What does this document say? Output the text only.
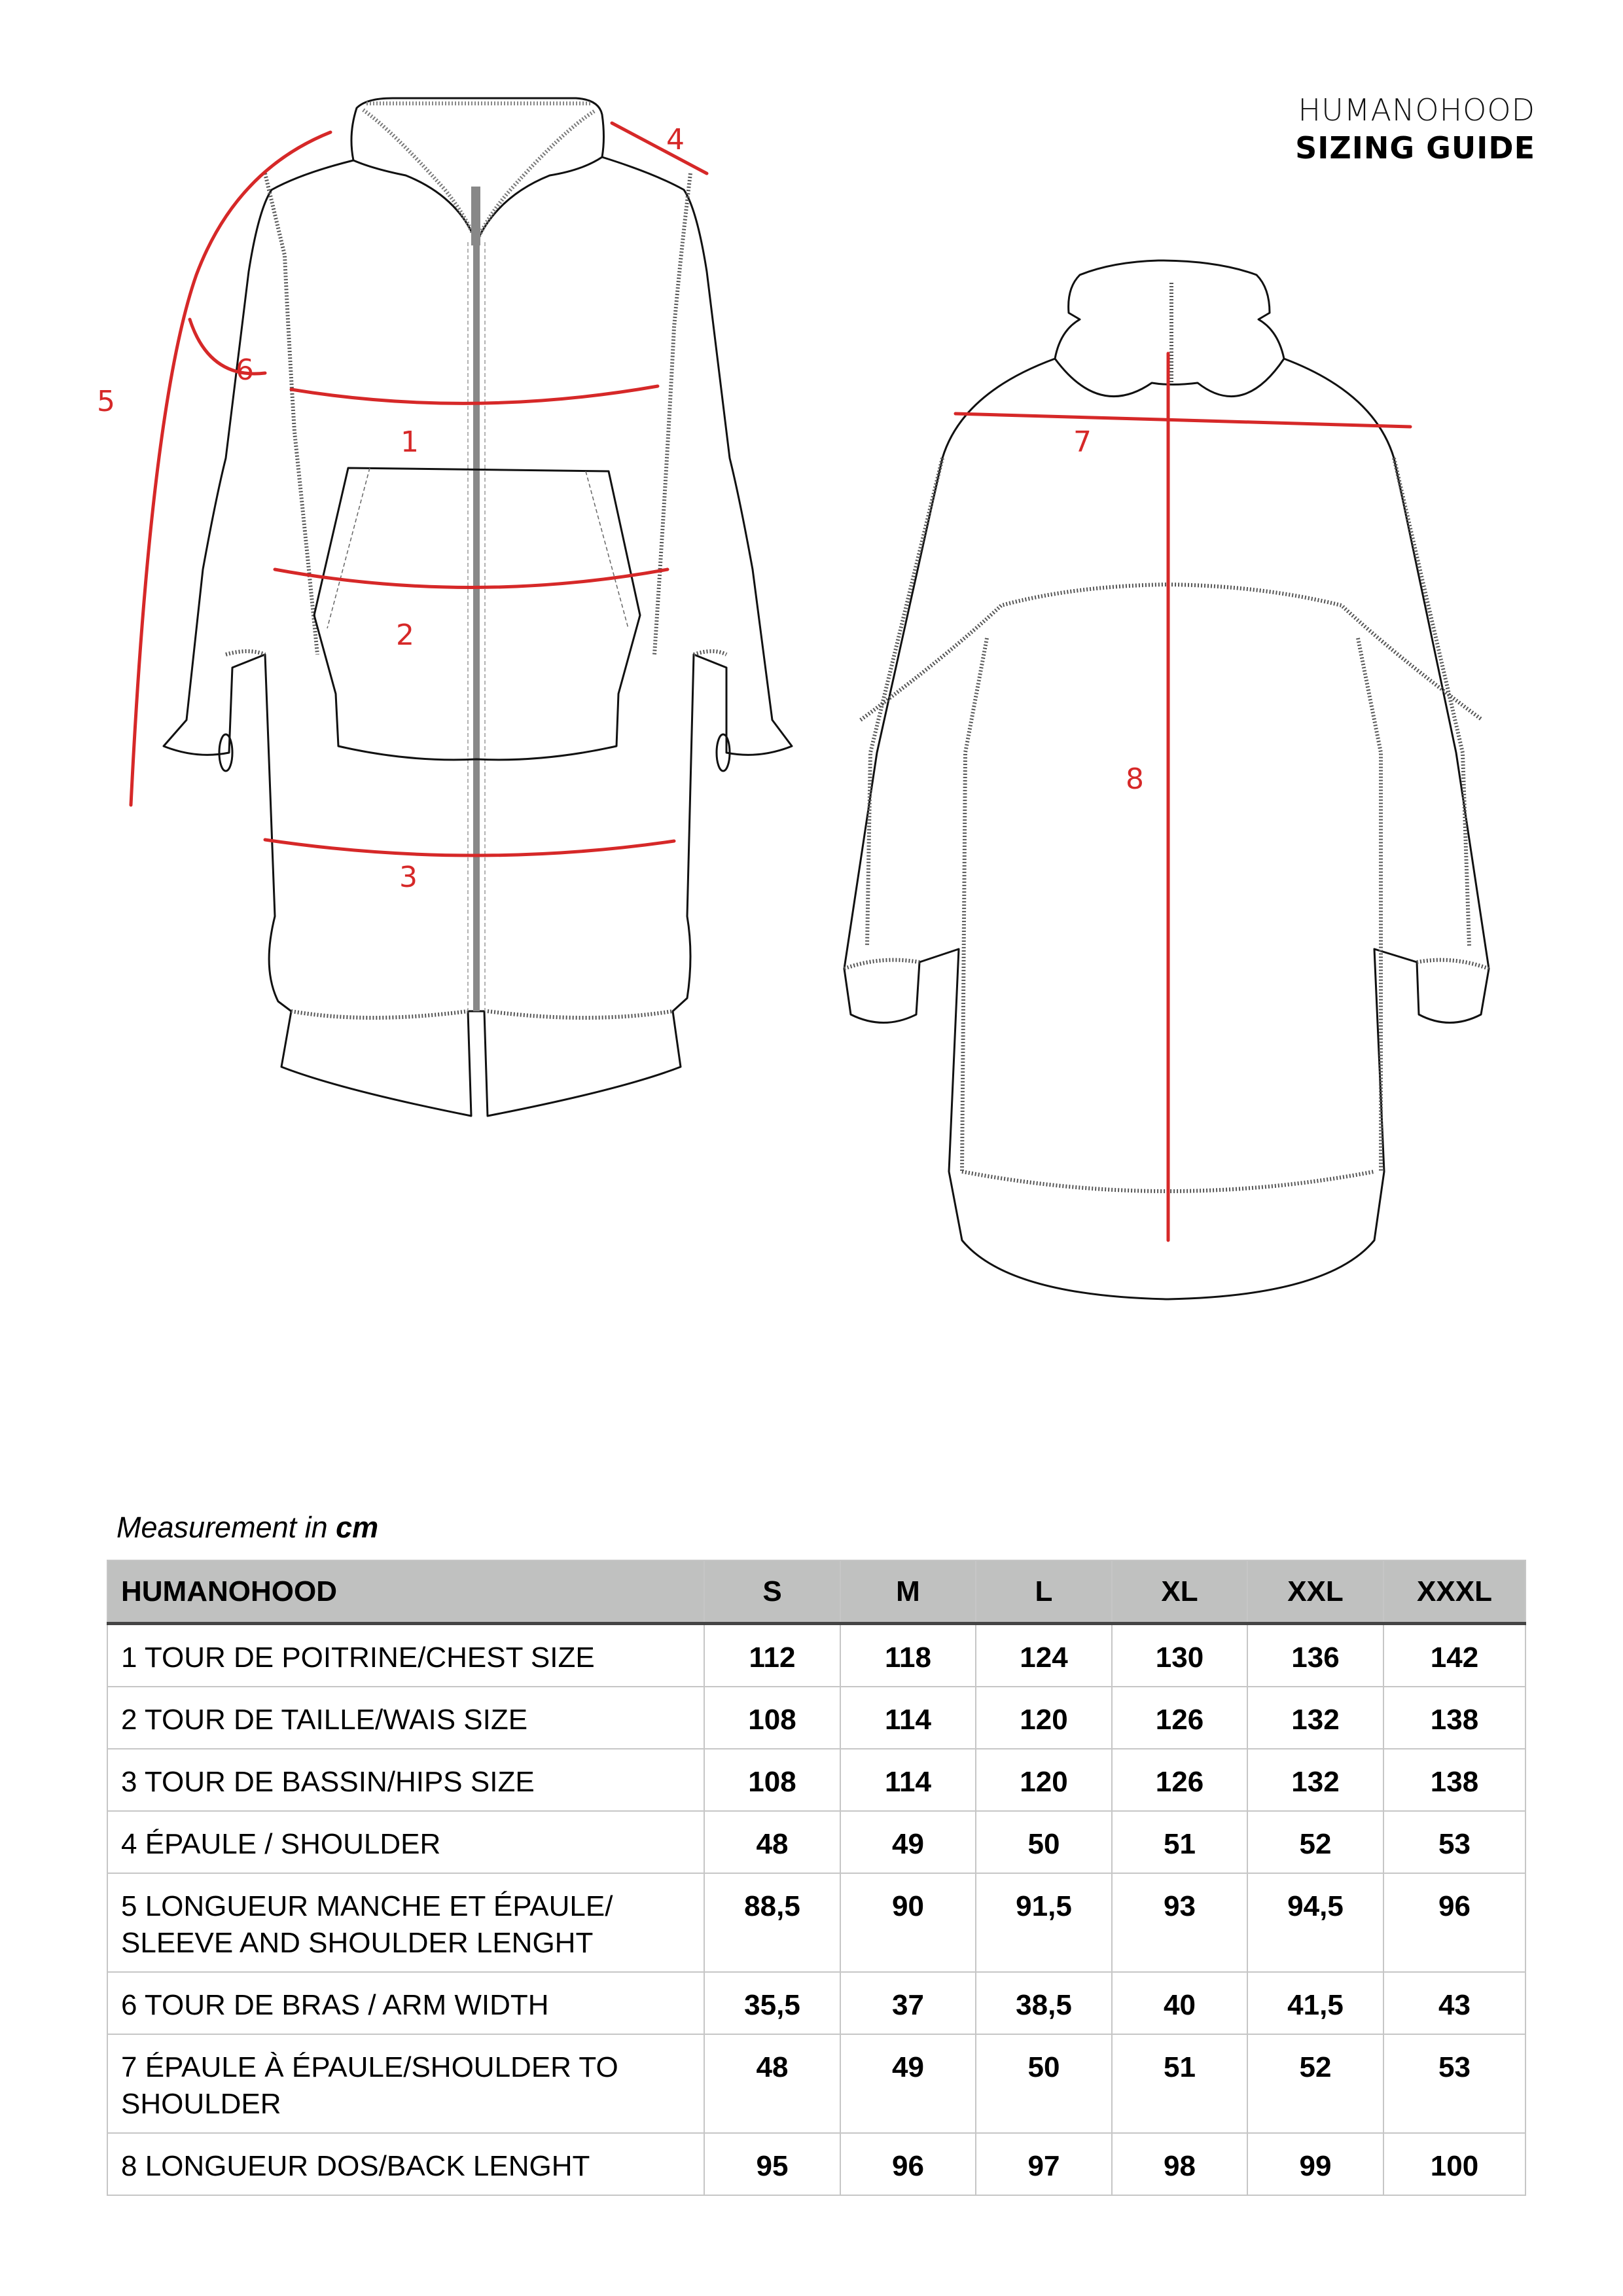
HUMANOHOOD
SIZING GUIDE
1
2
3
4
5
6
7
8
Measurement in cm
HUMANOHOOD	S	M	L	XL	XXL	XXXL
1 TOUR DE POITRINE/CHEST SIZE	112	118	124	130	136	142
2 TOUR DE TAILLE/WAIS SIZE	108	114	120	126	132	138
3 TOUR DE BASSIN/HIPS SIZE	108	114	120	126	132	138
4 ÉPAULE / SHOULDER	48	49	50	51	52	53
5 LONGUEUR MANCHE ET ÉPAULE/ SLEEVE AND SHOULDER LENGHT	88,5	90	91,5	93	94,5	96
6 TOUR DE BRAS / ARM WIDTH	35,5	37	38,5	40	41,5	43
7 ÉPAULE À ÉPAULE/SHOULDER TO SHOULDER	48	49	50	51	52	53
8 LONGUEUR DOS/BACK LENGHT	95	96	97	98	99	100
